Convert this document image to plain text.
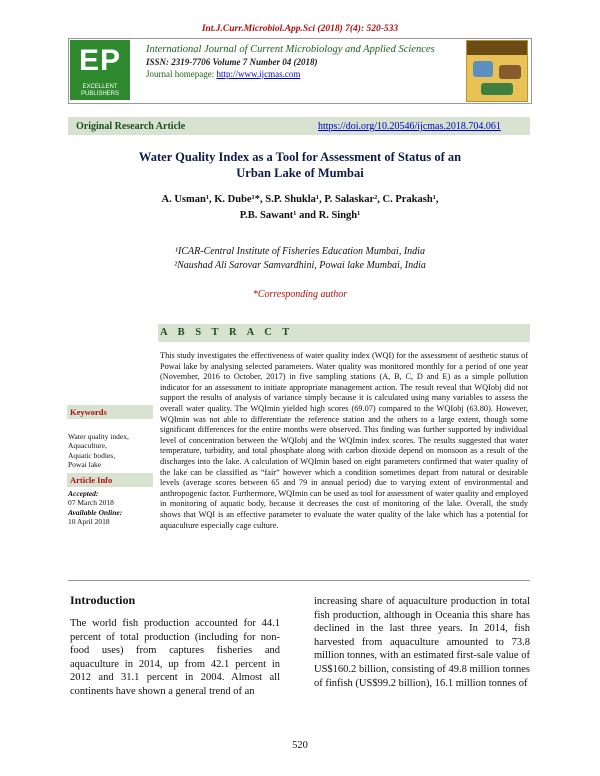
Int.J.Curr.Microbiol.App.Sci (2018) 7(4): 520-533
EP
EXCELLENT PUBLISHERS
International Journal of Current Microbiology and Applied Sciences
ISSN: 2319-7706 Volume 7 Number 04 (2018)
Journal homepage: http://www.ijcmas.com
Original Research Article	https://doi.org/10.20546/ijcmas.2018.704.061
Water Quality Index as a Tool for Assessment of Status of an
Urban Lake of Mumbai
A. Usman¹, K. Dube¹*, S.P. Shukla¹, P. Salaskar², C. Prakash¹,
P.B. Sawant¹ and R. Singh¹
¹ICAR-Central Institute of Fisheries Education Mumbai, India
²Naushad Ali Sarovar Samvardhini, Powai lake Mumbai, India
*Corresponding author
A B S T R A C T
This study investigates the effectiveness of water quality index (WQI) for the assessment of aesthetic status of Powai lake by analysing selected parameters. Water quality was monitored monthly for a period of one year (November, 2016 to October, 2017) in five sampling stations (A, B, C, D and E) as a simple pollution indicator for an assessment to initiate appropriate management action. The result reveal that WQIobj did not support the results of analysis of variance simply because it is calculated using many variables to assess the overall water quality. The WQImin yielded high scores (69.07) compared to the WQIobj (63.80). However, WQImin was not able to differentiate the reference station and the others to a large extent, though some significant differences for the entire months were observed. This finding was further supported by individual level of concentration between the WQIobj and the WQImin index scores. The results suggested that water temperature, turbidity, and total phosphate along with carbon dioxide depend on monsoon as a result of the discharges into the lake. A calculation of WQImin based on eight parameters confirmed that water quality of the lake can be classified as “fair” however which a condition sometimes depart from natural or desirable levels (average scores between 65 and 79 in annual period) due to varying extent of environmental and anthropogenic factor. Furthermore, WQImin can be used as tool for assessment of water quality and employed in monitoring of aquatic body, because it decreases the cost of monitoring of the lake. Overall, the study shows that WQI is an effective parameter to evaluate the water quality of the lake which has a potential for aquaculture especially cage culture.
Keywords
Water quality index,
Aquaculture,
Aquatic bodies,
Powai lake
Article Info
Accepted:
07 March 2018
Available Online:
10 April 2018
Introduction

The world fish production accounted for 44.1 percent of total production (including for non-food uses) from captures fisheries and aquaculture in 2014, up from 42.1 percent in 2012 and 31.1 percent in 2004. Almost all continents have shown a general trend of an

increasing share of aquaculture production in total fish production, although in Oceania this share has declined in the last three years. In 2014, fish harvested from aquaculture amounted to 73.8 million tonnes, with an estimated first-sale value of US$160.2 billion, consisting of 49.8 million tonnes of finfish (US$99.2 billion), 16.1 million tonnes of

520
